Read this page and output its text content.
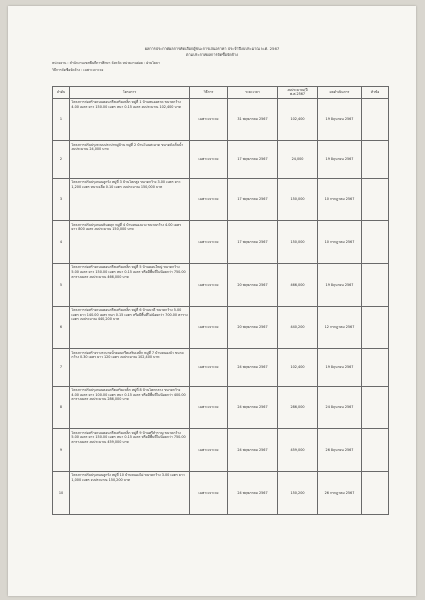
ผลการประกาศผลการคัดเลือกผู้ชนะการเสนอราคา ประจำปีงบประมาณ พ.ศ. 2567
ตามประกาศผลการจัดซื้อจัดจ้าง
หน่วยงาน : สำนักงานเขตพื้นที่การศึกษา จังหวัด หน่วยงานย่อย : ฝ่ายโยธา
วิธีการจัดซื้อจัดจ้าง : เฉพาะเจาะจง
ลำดับ	โครงการ	วิธีการ	ระยะเวลา	งบประมาณ(ปี พ.ศ.2567	ผลดำเนินการ	หัวข้อ
1	โครงการก่อสร้างถนนคอนกรีตเสริมเหล็ก หมู่ที่ 1 บ้านหนองตาด ขนาดกว้าง 4.00 เมตร ยาว 150.00 เมตร หนา 0.15 เมตร งบประมาณ 102,400 บาท	เฉพาะเจาะจง	31 พฤษภาคม 2567	102,400	19 มิถุนายน 2567	
2	โครงการปรับปรุงระบบประปาหมู่บ้าน หมู่ที่ 2 บ้านโนนสะอาด ขนาดถังเก็บน้ำ งบประมาณ 24,000 บาท	เฉพาะเจาะจง	17 พฤษภาคม 2567	24,000	19 มิถุนายน 2567	
3	โครงการปรับปรุงถนนลูกรัง หมู่ที่ 3 บ้านโคกสูง ขนาดกว้าง 3.00 เมตร ยาว 1,200 เมตร หนาเฉลี่ย 0.10 เมตร งบประมาณ 150,000 บาท	เฉพาะเจาะจง	17 พฤษภาคม 2567	150,000	10 กรกฎาคม 2567	
4	โครงการปรับปรุงถนนหินคลุก หมู่ที่ 4 บ้านหนองแวง ขนาดกว้าง 4.00 เมตร ยาว 800 เมตร งบประมาณ 150,000 บาท	เฉพาะเจาะจง	17 พฤษภาคม 2567	150,000	10 กรกฎาคม 2567	
5	โครงการก่อสร้างถนนคอนกรีตเสริมเหล็ก หมู่ที่ 5 บ้านดอนใหญ่ ขนาดกว้าง 5.00 เมตร ยาว 150.00 เมตร หนา 0.15 เมตร หรือมีพื้นที่ไม่น้อยกว่า 750.00 ตารางเมตร งบประมาณ 466,000 บาท	เฉพาะเจาะจง	20 พฤษภาคม 2567	466,000	19 มิถุนายน 2567	
6	โครงการก่อสร้างถนนคอนกรีตเสริมเหล็ก หมู่ที่ 6 บ้านนาดี ขนาดกว้าง 5.00 เมตร ยาว 140.00 เมตร หนา 0.15 เมตร หรือมีพื้นที่ไม่น้อยกว่า 700.00 ตารางเมตร งบประมาณ 440,200 บาท	เฉพาะเจาะจง	20 พฤษภาคม 2567	440,200	12 กรกฎาคม 2567	
7	โครงการก่อสร้างรางระบายน้ำคอนกรีตเสริมเหล็ก หมู่ที่ 7 บ้านหนองบัว ขนาดกว้าง 0.30 เมตร ยาว 120 เมตร งบประมาณ 102,400 บาท	เฉพาะเจาะจง	24 พฤษภาคม 2567	102,400	19 มิถุนายน 2567	
8	โครงการปรับปรุงถนนคอนกรีตเสริมเหล็ก หมู่ที่ 8 บ้านโคกกลาง ขนาดกว้าง 4.00 เมตร ยาว 100.00 เมตร หนา 0.15 เมตร หรือมีพื้นที่ไม่น้อยกว่า 400.00 ตารางเมตร งบประมาณ 286,000 บาท	เฉพาะเจาะจง	24 พฤษภาคม 2567	286,000	24 มิถุนายน 2567	
9	โครงการก่อสร้างถนนคอนกรีตเสริมเหล็ก หมู่ที่ 9 บ้านศรีสำราญ ขนาดกว้าง 5.00 เมตร ยาว 150.00 เมตร หนา 0.15 เมตร หรือมีพื้นที่ไม่น้อยกว่า 750.00 ตารางเมตร งบประมาณ 459,000 บาท	เฉพาะเจาะจง	24 พฤษภาคม 2567	459,000	26 มิถุนายน 2567	
10	โครงการปรับปรุงถนนลูกรัง หมู่ที่ 10 บ้านหนองไผ่ ขนาดกว้าง 3.00 เมตร ยาว 1,000 เมตร งบประมาณ 150,200 บาท	เฉพาะเจาะจง	24 พฤษภาคม 2567	150,200	26 กรกฎาคม 2567	
